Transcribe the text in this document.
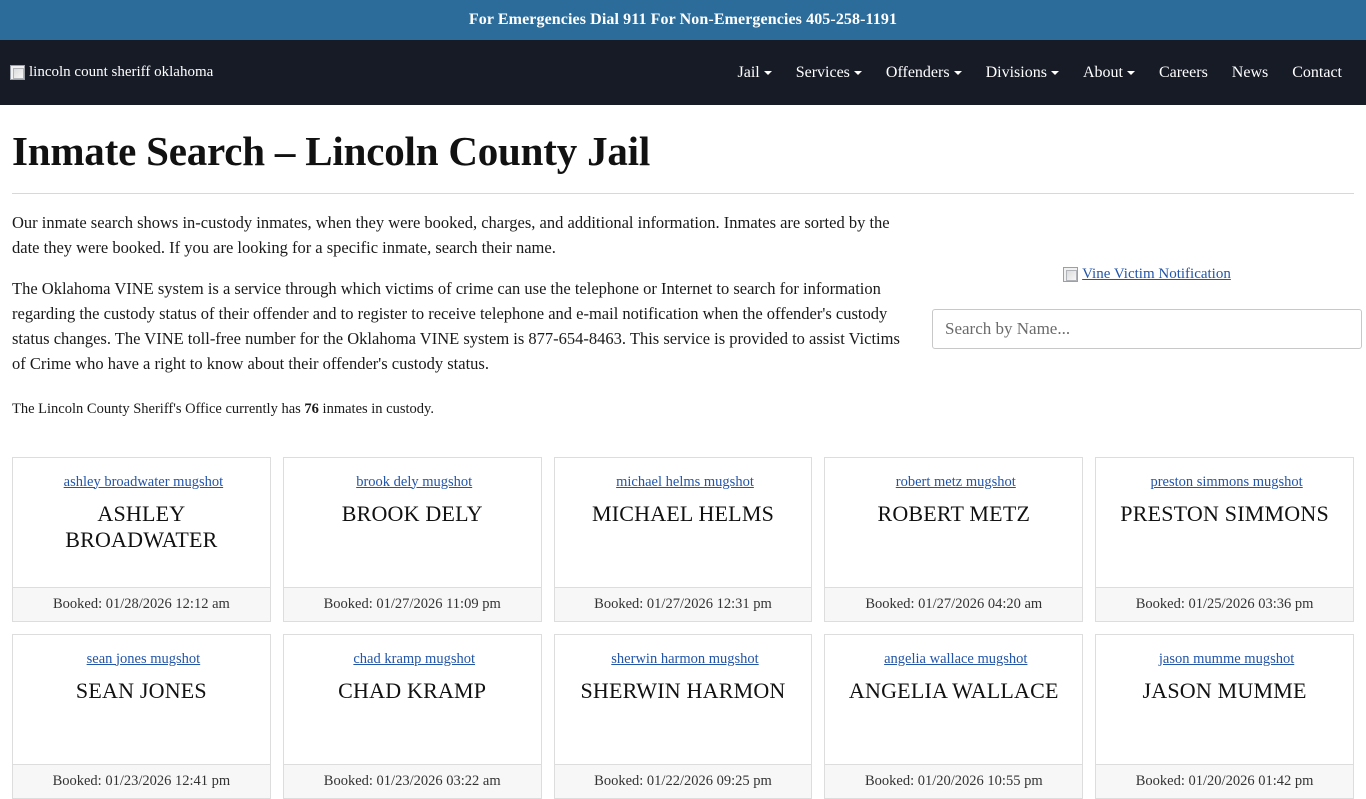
For Emergencies Dial 911 For Non-Emergencies 405-258-1191
lincoln count sheriff oklahoma	Jail	Services	Offenders	Divisions	About	Careers	News	Contact
Inmate Search – Lincoln County Jail

Our inmate search shows in-custody inmates, when they were booked, charges, and additional information. Inmates are sorted by the date they were booked. If you are looking for a specific inmate, search their name.

The Oklahoma VINE system is a service through which victims of crime can use the telephone or Internet to search for information regarding the custody status of their offender and to register to receive telephone and e-mail notification when the offender's custody status changes. The VINE toll-free number for the Oklahoma VINE system is 877-654-8463. This service is provided to assist Victims of Crime who have a right to know about their offender's custody status.

The Lincoln County Sheriff's Office currently has 76 inmates in custody.

Vine Victim Notification
Search by Name...
ashley broadwater mugshot
ASHLEY BROADWATER
Booked: 01/28/2026 12:12 am
brook dely mugshot
BROOK DELY
Booked: 01/27/2026 11:09 pm
michael helms mugshot
MICHAEL HELMS
Booked: 01/27/2026 12:31 pm
robert metz mugshot
ROBERT METZ
Booked: 01/27/2026 04:20 am
preston simmons mugshot
PRESTON SIMMONS
Booked: 01/25/2026 03:36 pm
sean jones mugshot
SEAN JONES
Booked: 01/23/2026 12:41 pm
chad kramp mugshot
CHAD KRAMP
Booked: 01/23/2026 03:22 am
sherwin harmon mugshot
SHERWIN HARMON
Booked: 01/22/2026 09:25 pm
angelia wallace mugshot
ANGELIA WALLACE
Booked: 01/20/2026 10:55 pm
jason mumme mugshot
JASON MUMME
Booked: 01/20/2026 01:42 pm
